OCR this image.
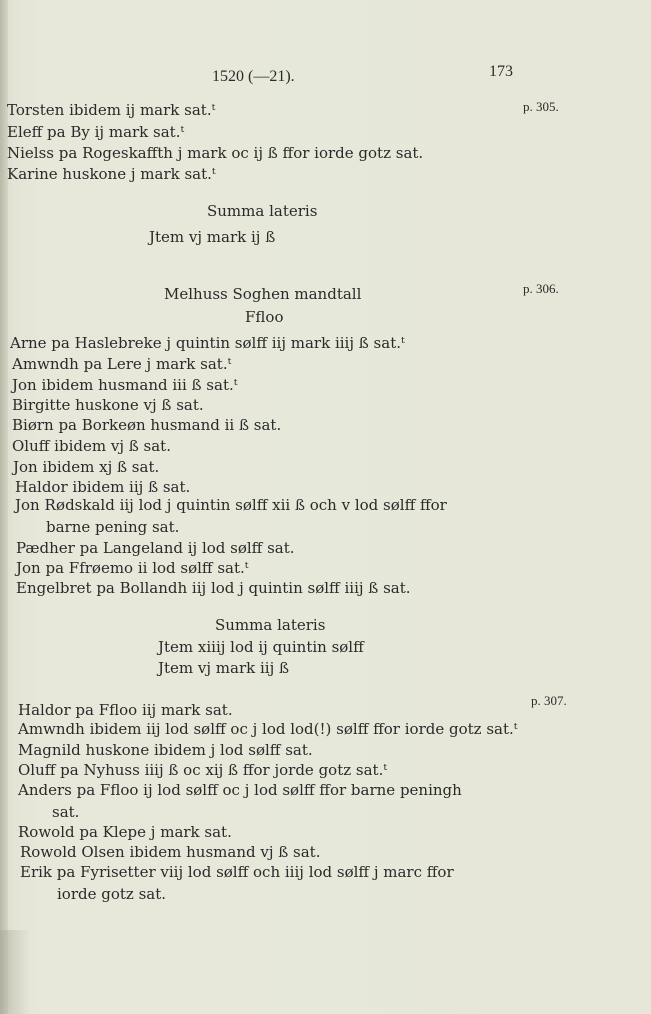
1520 (—21).	173
p. 305.
p. 306.
p. 307.
Torsten ibidem ij mark sat.ᵗ
Eleff pa By ij mark sat.ᵗ
Nielss pa Rogeskaffth j mark oc ij ß ffor iorde gotz sat.
Karine huskone j mark sat.ᵗ
Summa lateris
Jtem vj mark ij ß
Melhuss Soghen mandtall
Ffloo
Arne pa Haslebreke j quintin sølff iij mark iiij ß sat.ᵗ
Amwndh pa Lere j mark sat.ᵗ
Jon ibidem husmand iii ß sat.ᵗ
Birgitte huskone vj ß sat.
Biørn pa Borkeøn husmand ii ß sat.
Oluff ibidem vj ß sat.
Jon ibidem xj ß sat.
Haldor ibidem iij ß sat.
Jon Rødskald iij lod j quintin sølff xii ß och v lod sølff ffor
barne pening sat.
Pædher pa Langeland ij lod sølff sat.
Jon pa Ffrøemo ii lod sølff sat.ᵗ
Engelbret pa Bollandh iij lod j quintin sølff iiij ß sat.
Summa lateris
Jtem xiiij lod ij quintin sølff
Jtem vj mark iij ß
Haldor pa Ffloo iij mark sat.
Amwndh ibidem iij lod sølff oc j lod lod(!) sølff ffor iorde gotz sat.ᵗ
Magnild huskone ibidem j lod sølff sat.
Oluff pa Nyhuss iiij ß oc xij ß ffor jorde gotz sat.ᵗ
Anders pa Ffloo ij lod sølff oc j lod sølff ffor barne peningh
sat.
Rowold pa Klepe j mark sat.
Rowold Olsen ibidem husmand vj ß sat.
Erik pa Fyrisetter viij lod sølff och iiij lod sølff j marc ffor
iorde gotz sat.
